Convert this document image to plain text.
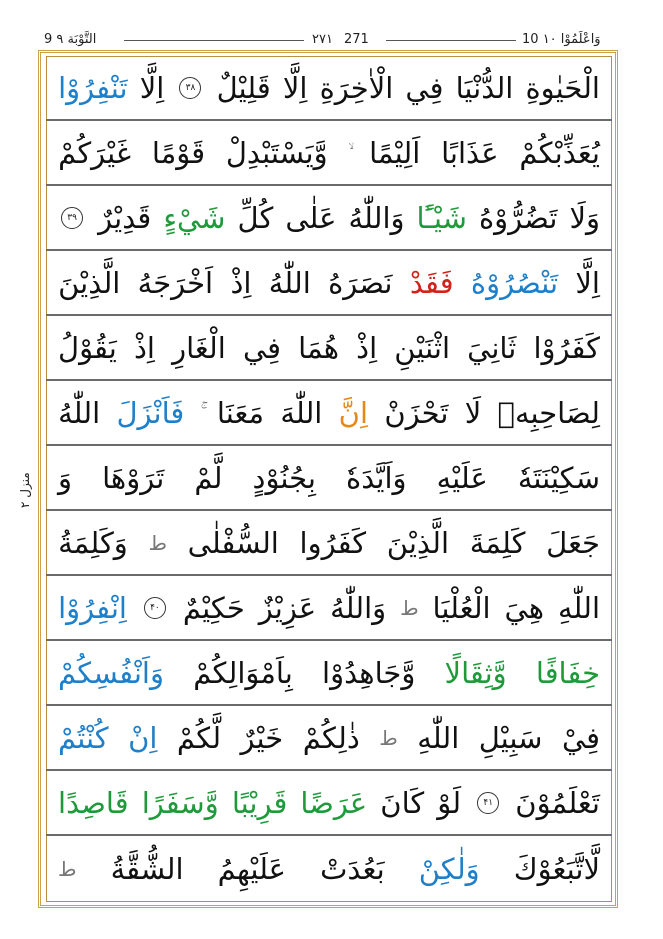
9 التَّوْبَة ٩	٢٧١ 271	10 وَاعْلَمُوْا ١٠
منزل ٢
الْحَيٰوةِ
الدُّنْيَا
فِي
الْاٰخِرَةِ
اِلَّا
قَلِيْلٌ
۳۸
اِلَّا
تَنْفِرُوْا
يُعَذِّبْكُمْ
عَذَابًا
اَلِيْمًا
وَّيَسْتَبْدِلْ
قَوْمًا
غَيْرَكُمْ
وَلَا
تَضُرُّوْهُ
شَيْـًٔا
وَاللّٰهُ
عَلٰى
كُلِّ
شَيْءٍ
قَدِيْرٌ
۳۹
اِلَّا
تَنْصُرُوْهُ
فَقَدْ
نَصَرَهُ
اللّٰهُ
اِذْ
اَخْرَجَهُ
الَّذِيْنَ
كَفَرُوْا
ثَانِيَ
اثْنَيْنِ
اِذْ
هُمَا
فِي
الْغَارِ
اِذْ
يَقُوْلُ
لِصَاحِبِهٖ
لَا
تَحْزَنْ
اِنَّ
اللّٰهَ
مَعَنَا
فَاَنْزَلَ
اللّٰهُ
سَكِيْنَتَهٗ
عَلَيْهِ
وَاَيَّدَهٗ
بِجُنُوْدٍ
لَّمْ
تَرَوْهَا
وَ
جَعَلَ
كَلِمَةَ
الَّذِيْنَ
كَفَرُوا
السُّفْلٰى
ط
وَكَلِمَةُ
اللّٰهِ
هِيَ
الْعُلْيَا
ط
وَاللّٰهُ
عَزِيْزٌ
حَكِيْمٌ
۴۰
اِنْفِرُوْا
خِفَافًا
وَّثِقَالًا
وَّجَاهِدُوْا
بِاَمْوَالِكُمْ
وَاَنْفُسِكُمْ
فِيْ
سَبِيْلِ
اللّٰهِ
ط
ذٰلِكُمْ
خَيْرٌ
لَّكُمْ
اِنْ
كُنْتُمْ
تَعْلَمُوْنَ
۴۱
لَوْ
كَانَ
عَرَضًا
قَرِيْبًا
وَّسَفَرًا
قَاصِدًا
لَّاتَّبَعُوْكَ
وَلٰكِنْ
بَعُدَتْ
عَلَيْهِمُ
الشُّقَّةُ
ط
